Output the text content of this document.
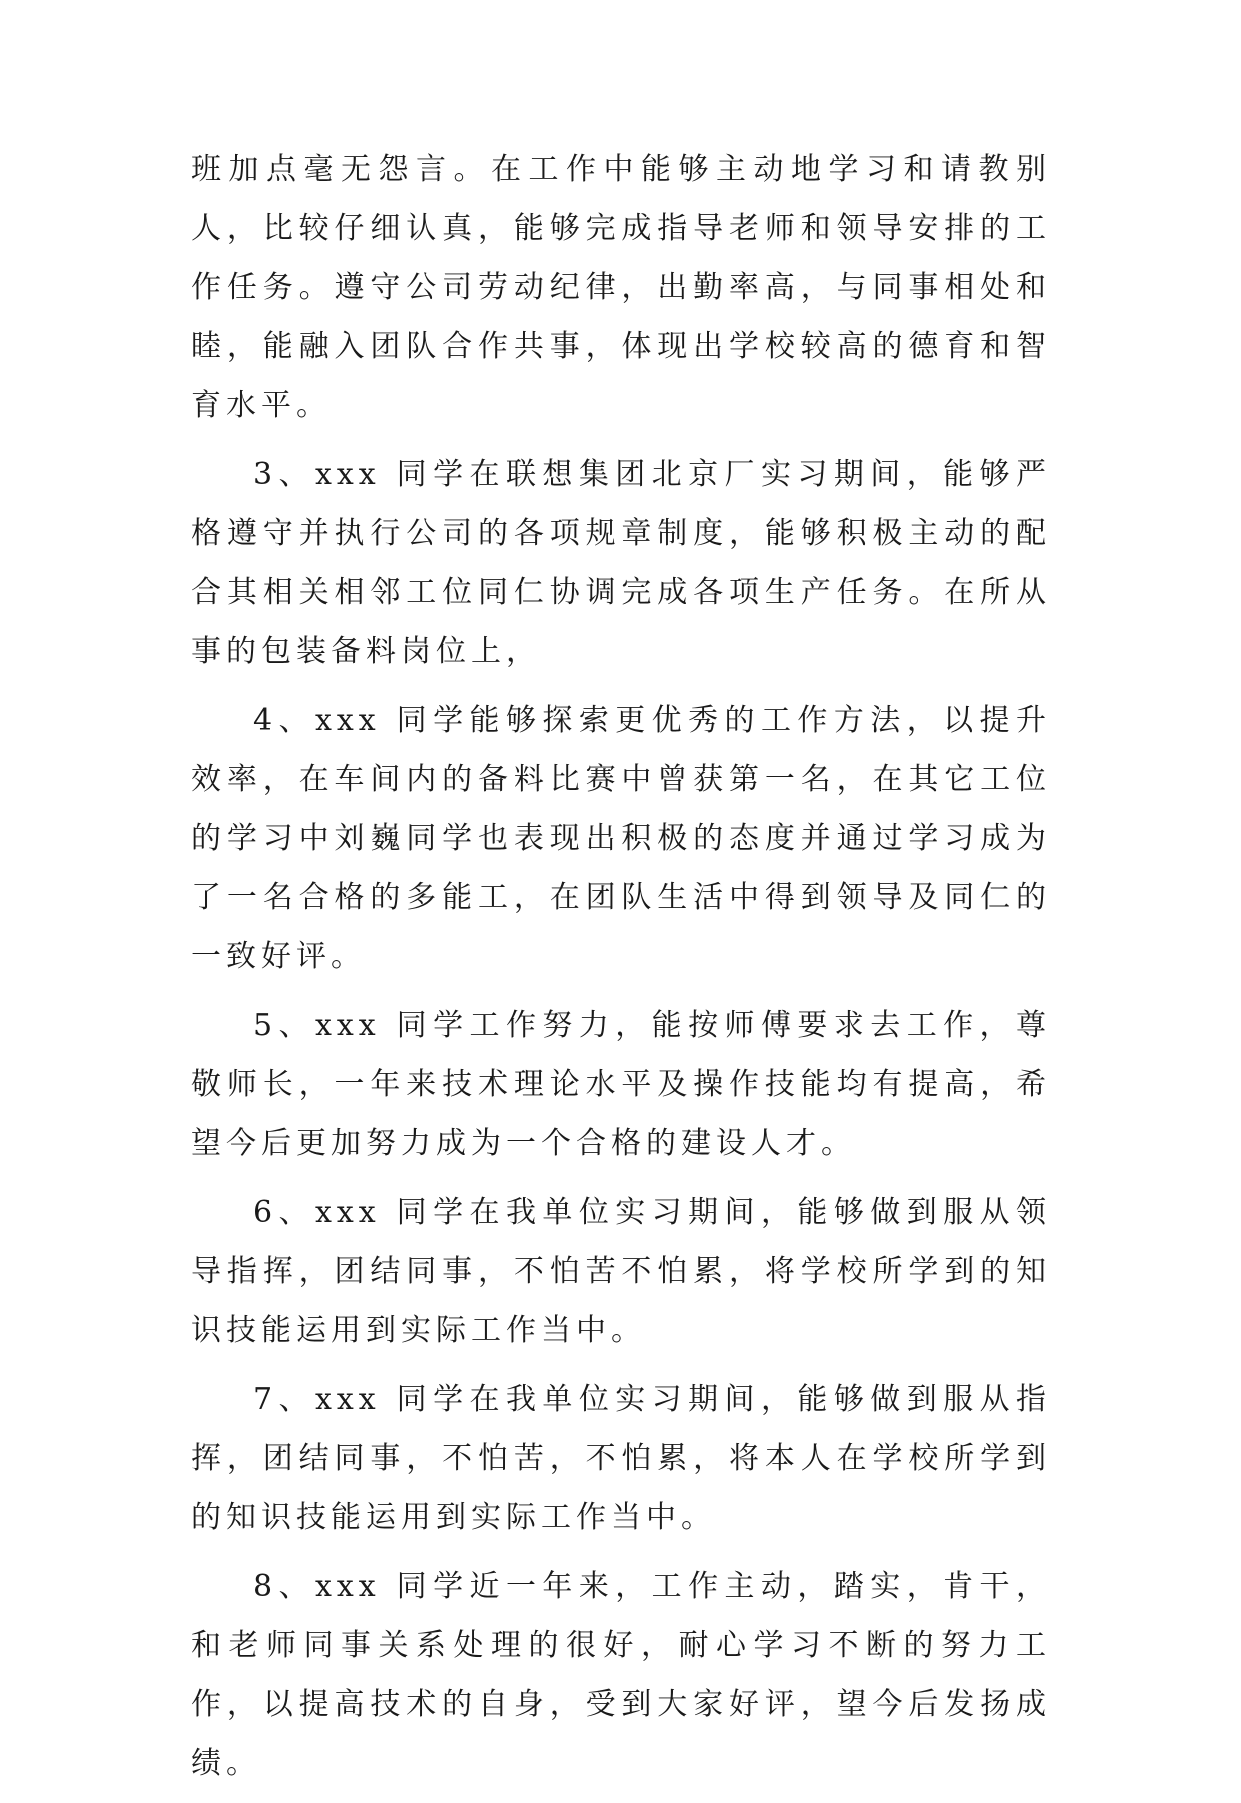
班加点毫无怨言。在工作中能够主动地学习和请教别人，比较仔细认真，能够完成指导老师和领导安排的工作任务。遵守公司劳动纪律，出勤率高，与同事相处和睦，能融入团队合作共事，体现出学校较高的德育和智育水平。

3、xxx 同学在联想集团北京厂实习期间，能够严格遵守并执行公司的各项规章制度，能够积极主动的配合其相关相邻工位同仁协调完成各项生产任务。在所从事的包装备料岗位上，

4、xxx 同学能够探索更优秀的工作方法，以提升效率，在车间内的备料比赛中曾获第一名，在其它工位的学习中刘巍同学也表现出积极的态度并通过学习成为了一名合格的多能工，在团队生活中得到领导及同仁的一致好评。

5、xxx 同学工作努力，能按师傅要求去工作，尊敬师长，一年来技术理论水平及操作技能均有提高，希望今后更加努力成为一个合格的建设人才。

6、xxx 同学在我单位实习期间，能够做到服从领导指挥，团结同事，不怕苦不怕累，将学校所学到的知识技能运用到实际工作当中。

7、xxx 同学在我单位实习期间，能够做到服从指挥，团结同事，不怕苦，不怕累，将本人在学校所学到的知识技能运用到实际工作当中。

8、xxx 同学近一年来，工作主动，踏实，肯干，和老师同事关系处理的很好，耐心学习不断的努力工作，以提高技术的自身，受到大家好评，望今后发扬成绩。
